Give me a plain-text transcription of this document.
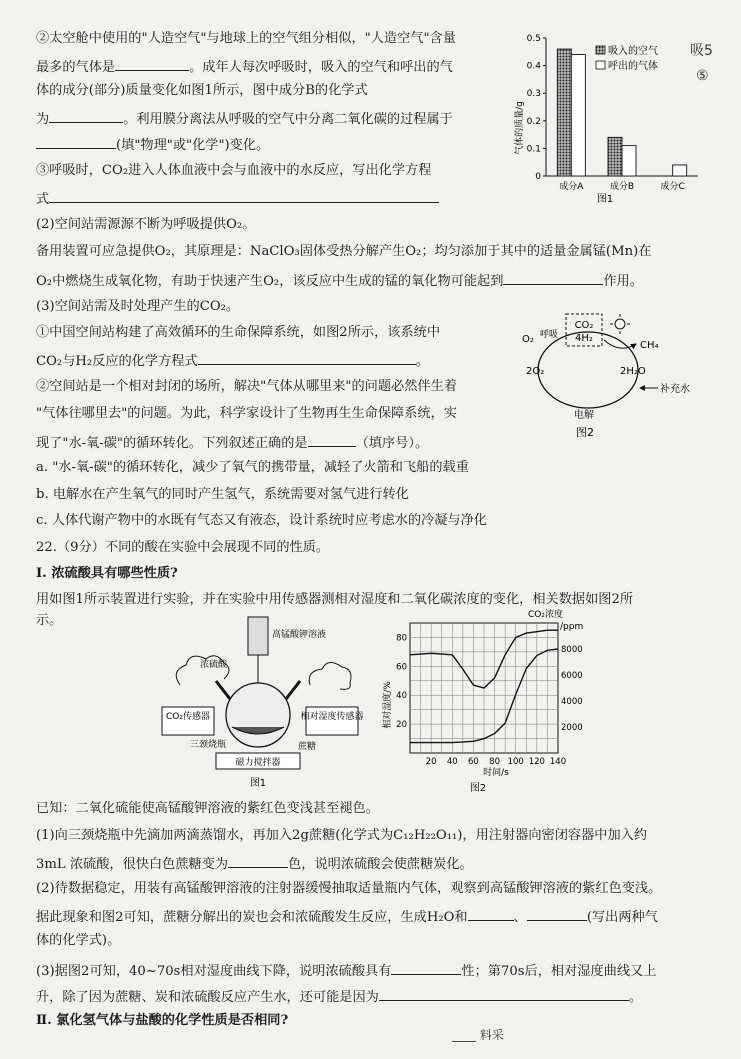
②太空舱中使用的"人造空气"与地球上的空气组分相似，"人造空气"含量
最多的气体是	。成年人每次呼吸时，吸入的空气和呼出的气
体的成分(部分)质量变化如图1所示，图中成分B的化学式
为	。利用膜分离法从呼吸的空气中分离二氧化碳的过程属于
(填"物理"或"化学")变化。
③呼吸时，CO₂进入人体血液中会与血液中的水反应，写出化学方程
式
(2)空间站需源源不断为呼吸提供O₂。
备用装置可应急提供O₂，其原理是：NaClO₃固体受热分解产生O₂；均匀添加于其中的适量金属锰(Mn)在
O₂中燃烧生成氧化物，有助于快速产生O₂，该反应中生成的锰的氧化物可能起到	作用。
(3)空间站需及时处理产生的CO₂。
①中国空间站构建了高效循环的生命保障系统，如图2所示，该系统中
CO₂与H₂反应的化学方程式	。
②空间站是一个相对封闭的场所，解决"气体从哪里来"的问题必然伴生着
"气体往哪里去"的问题。为此，科学家设计了生物再生生命保障系统，实
现了"水-氧-碳"的循环转化。下列叙述正确的是	（填序号）。
a. "水-氧-碳"的循环转化，减少了氧气的携带量，减轻了火箭和飞船的载重
b. 电解水在产生氧气的同时产生氢气，系统需要对氢气进行转化
c. 人体代谢产物中的水既有气态又有液态，设计系统时应考虑水的冷凝与净化
22.（9分）不同的酸在实验中会展现不同的性质。
Ⅰ. 浓硫酸具有哪些性质?
用如图1所示装置进行实验，并在实验中用传感器测相对湿度和二氧化碳浓度的变化，相关数据如图2所
示。
0
0.1
0.2
0.3
0.4
0.5
成分A	成分B	成分C
气体的质量/g
吸入的空气
呼出的气体
图1
吸5
⑤
CO₂
4H₂
O₂ 呼吸
CH₄
2O₂	2H₂O
补充水
电解
图2
CO₂传感器	相对湿度传感器
高锰酸钾溶液
浓硫酸
三颈烧瓶	蔗糖
磁力搅拌器
图1
20 40 60 80 100 120 140
20
40
60
80
2000
4000
6000
8000
CO₂浓度
/ppm
相对湿度/%
时间/s
图2
已知：二氧化硫能使高锰酸钾溶液的紫红色变浅甚至褪色。
(1)向三颈烧瓶中先滴加两滴蒸馏水，再加入2g蔗糖(化学式为C₁₂H₂₂O₁₁)，用注射器向密闭容器中加入约
3mL 浓硫酸，很快白色蔗糖变为	色，说明浓硫酸会使蔗糖炭化。
(2)待数据稳定，用装有高锰酸钾溶液的注射器缓慢抽取适量瓶内气体，观察到高锰酸钾溶液的紫红色变浅。
据此现象和图2可知，蔗糖分解出的炭也会和浓硫酸发生反应，生成H₂O和	、	(写出两种气
体的化学式)。
(3)据图2可知，40~70s相对湿度曲线下降，说明浓硫酸具有	性；第70s后，相对湿度曲线又上
升，除了因为蔗糖、炭和浓硫酸反应产生水，还可能是因为	。
Ⅱ. 氯化氢气体与盐酸的化学性质是否相同?
____ 料采
